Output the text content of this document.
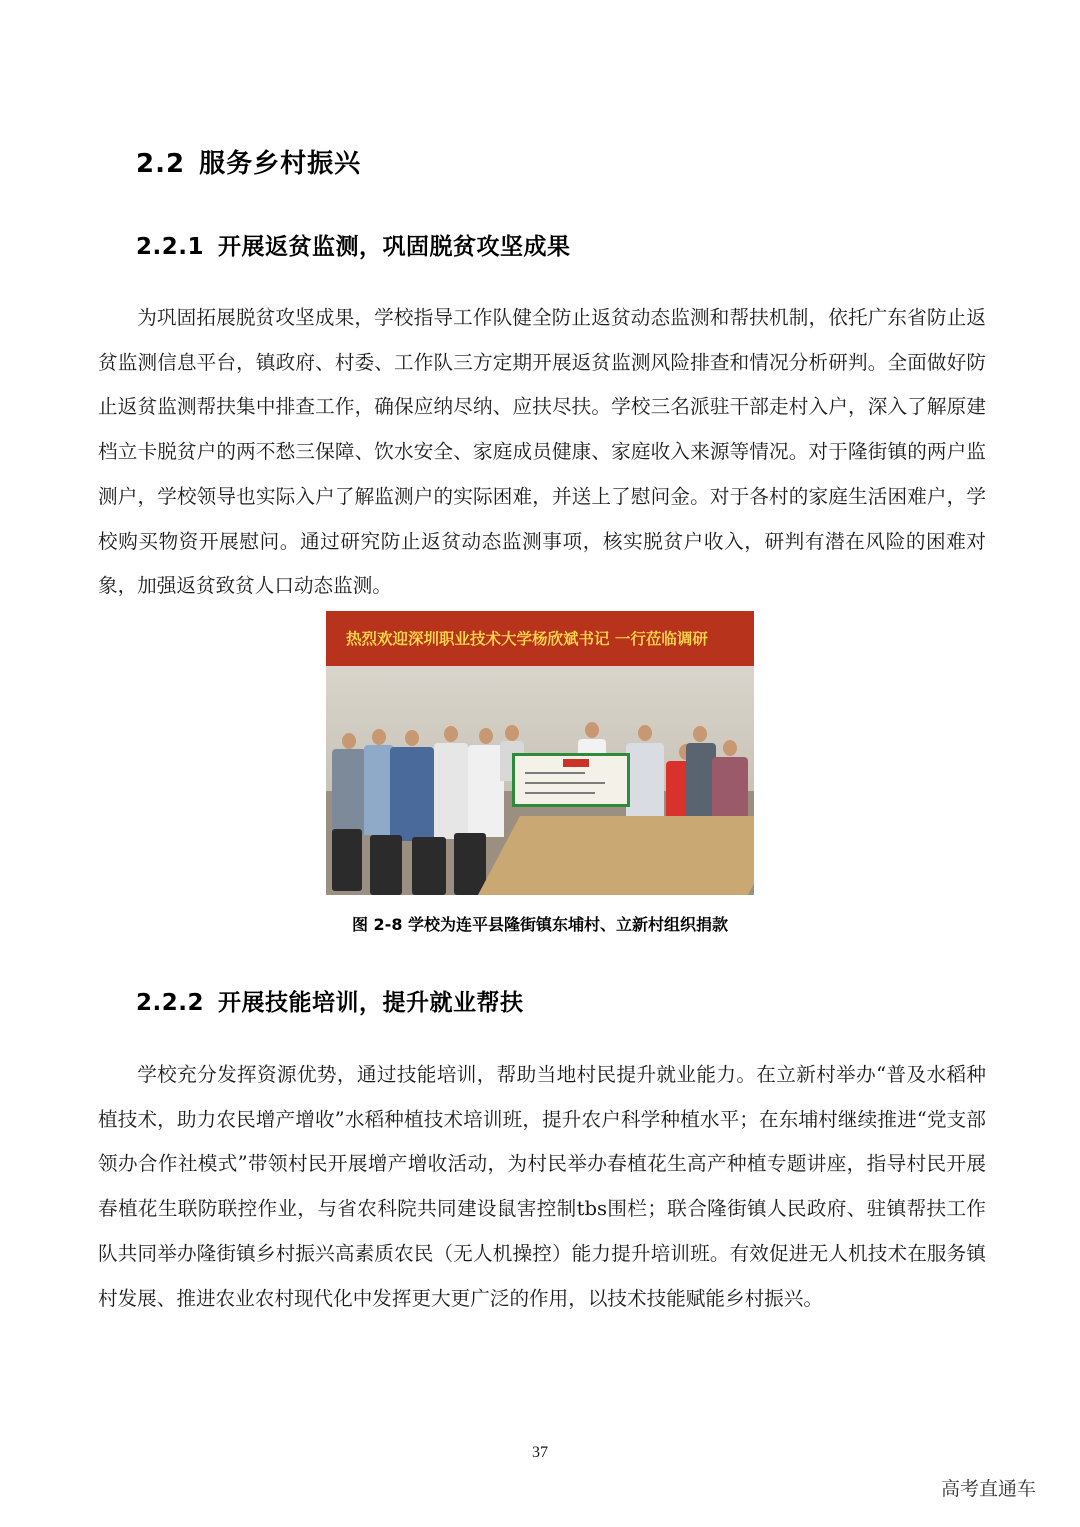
2.2 服务乡村振兴
2.2.1 开展返贫监测，巩固脱贫攻坚成果

为巩固拓展脱贫攻坚成果，学校指导工作队健全防止返贫动态监测和帮扶机制，依托广东省防止返贫监测信息平台，镇政府、村委、工作队三方定期开展返贫监测风险排查和情况分析研判。全面做好防止返贫监测帮扶集中排查工作，确保应纳尽纳、应扶尽扶。学校三名派驻干部走村入户，深入了解原建档立卡脱贫户的两不愁三保障、饮水安全、家庭成员健康、家庭收入来源等情况。对于隆街镇的两户监测户，学校领导也实际入户了解监测户的实际困难，并送上了慰问金。对于各村的家庭生活困难户，学校购买物资开展慰问。通过研究防止返贫动态监测事项，核实脱贫户收入，研判有潜在风险的困难对象，加强返贫致贫人口动态监测。

热烈欢迎深圳职业技术大学杨欣斌书记 一行莅临调研

图 2-8 学校为连平县隆街镇东埔村、立新村组织捐款

2.2.2 开展技能培训，提升就业帮扶

学校充分发挥资源优势，通过技能培训，帮助当地村民提升就业能力。在立新村举办“普及水稻种植技术，助力农民增产增收”水稻种植技术培训班，提升农户科学种植水平；在东埔村继续推进“党支部领办合作社模式”带领村民开展增产增收活动，为村民举办春植花生高产种植专题讲座，指导村民开展春植花生联防联控作业，与省农科院共同建设鼠害控制tbs围栏；联合隆街镇人民政府、驻镇帮扶工作队共同举办隆街镇乡村振兴高素质农民（无人机操控）能力提升培训班。有效促进无人机技术在服务镇村发展、推进农业农村现代化中发挥更大更广泛的作用，以技术技能赋能乡村振兴。

37

高考直通车
